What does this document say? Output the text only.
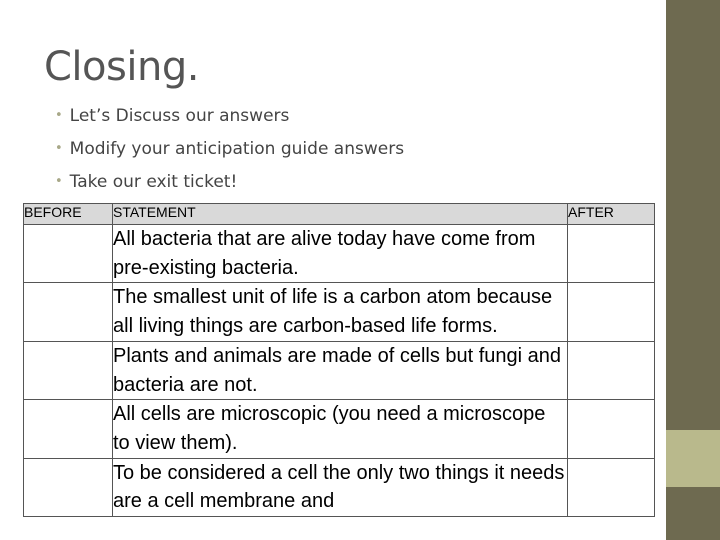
Closing.
• Let’s Discuss our answers
• Modify your anticipation guide answers
• Take our exit ticket!
BEFORE	STATEMENT	AFTER
	All bacteria that are alive today have come from pre-existing bacteria.	
	The smallest unit of life is a carbon atom because all living things are carbon-based life forms.	
	Plants and animals are made of cells but fungi and bacteria are not.	
	All cells are microscopic (you need a microscope to view them).	
	To be considered a cell the only two things it needs are a cell membrane and	
